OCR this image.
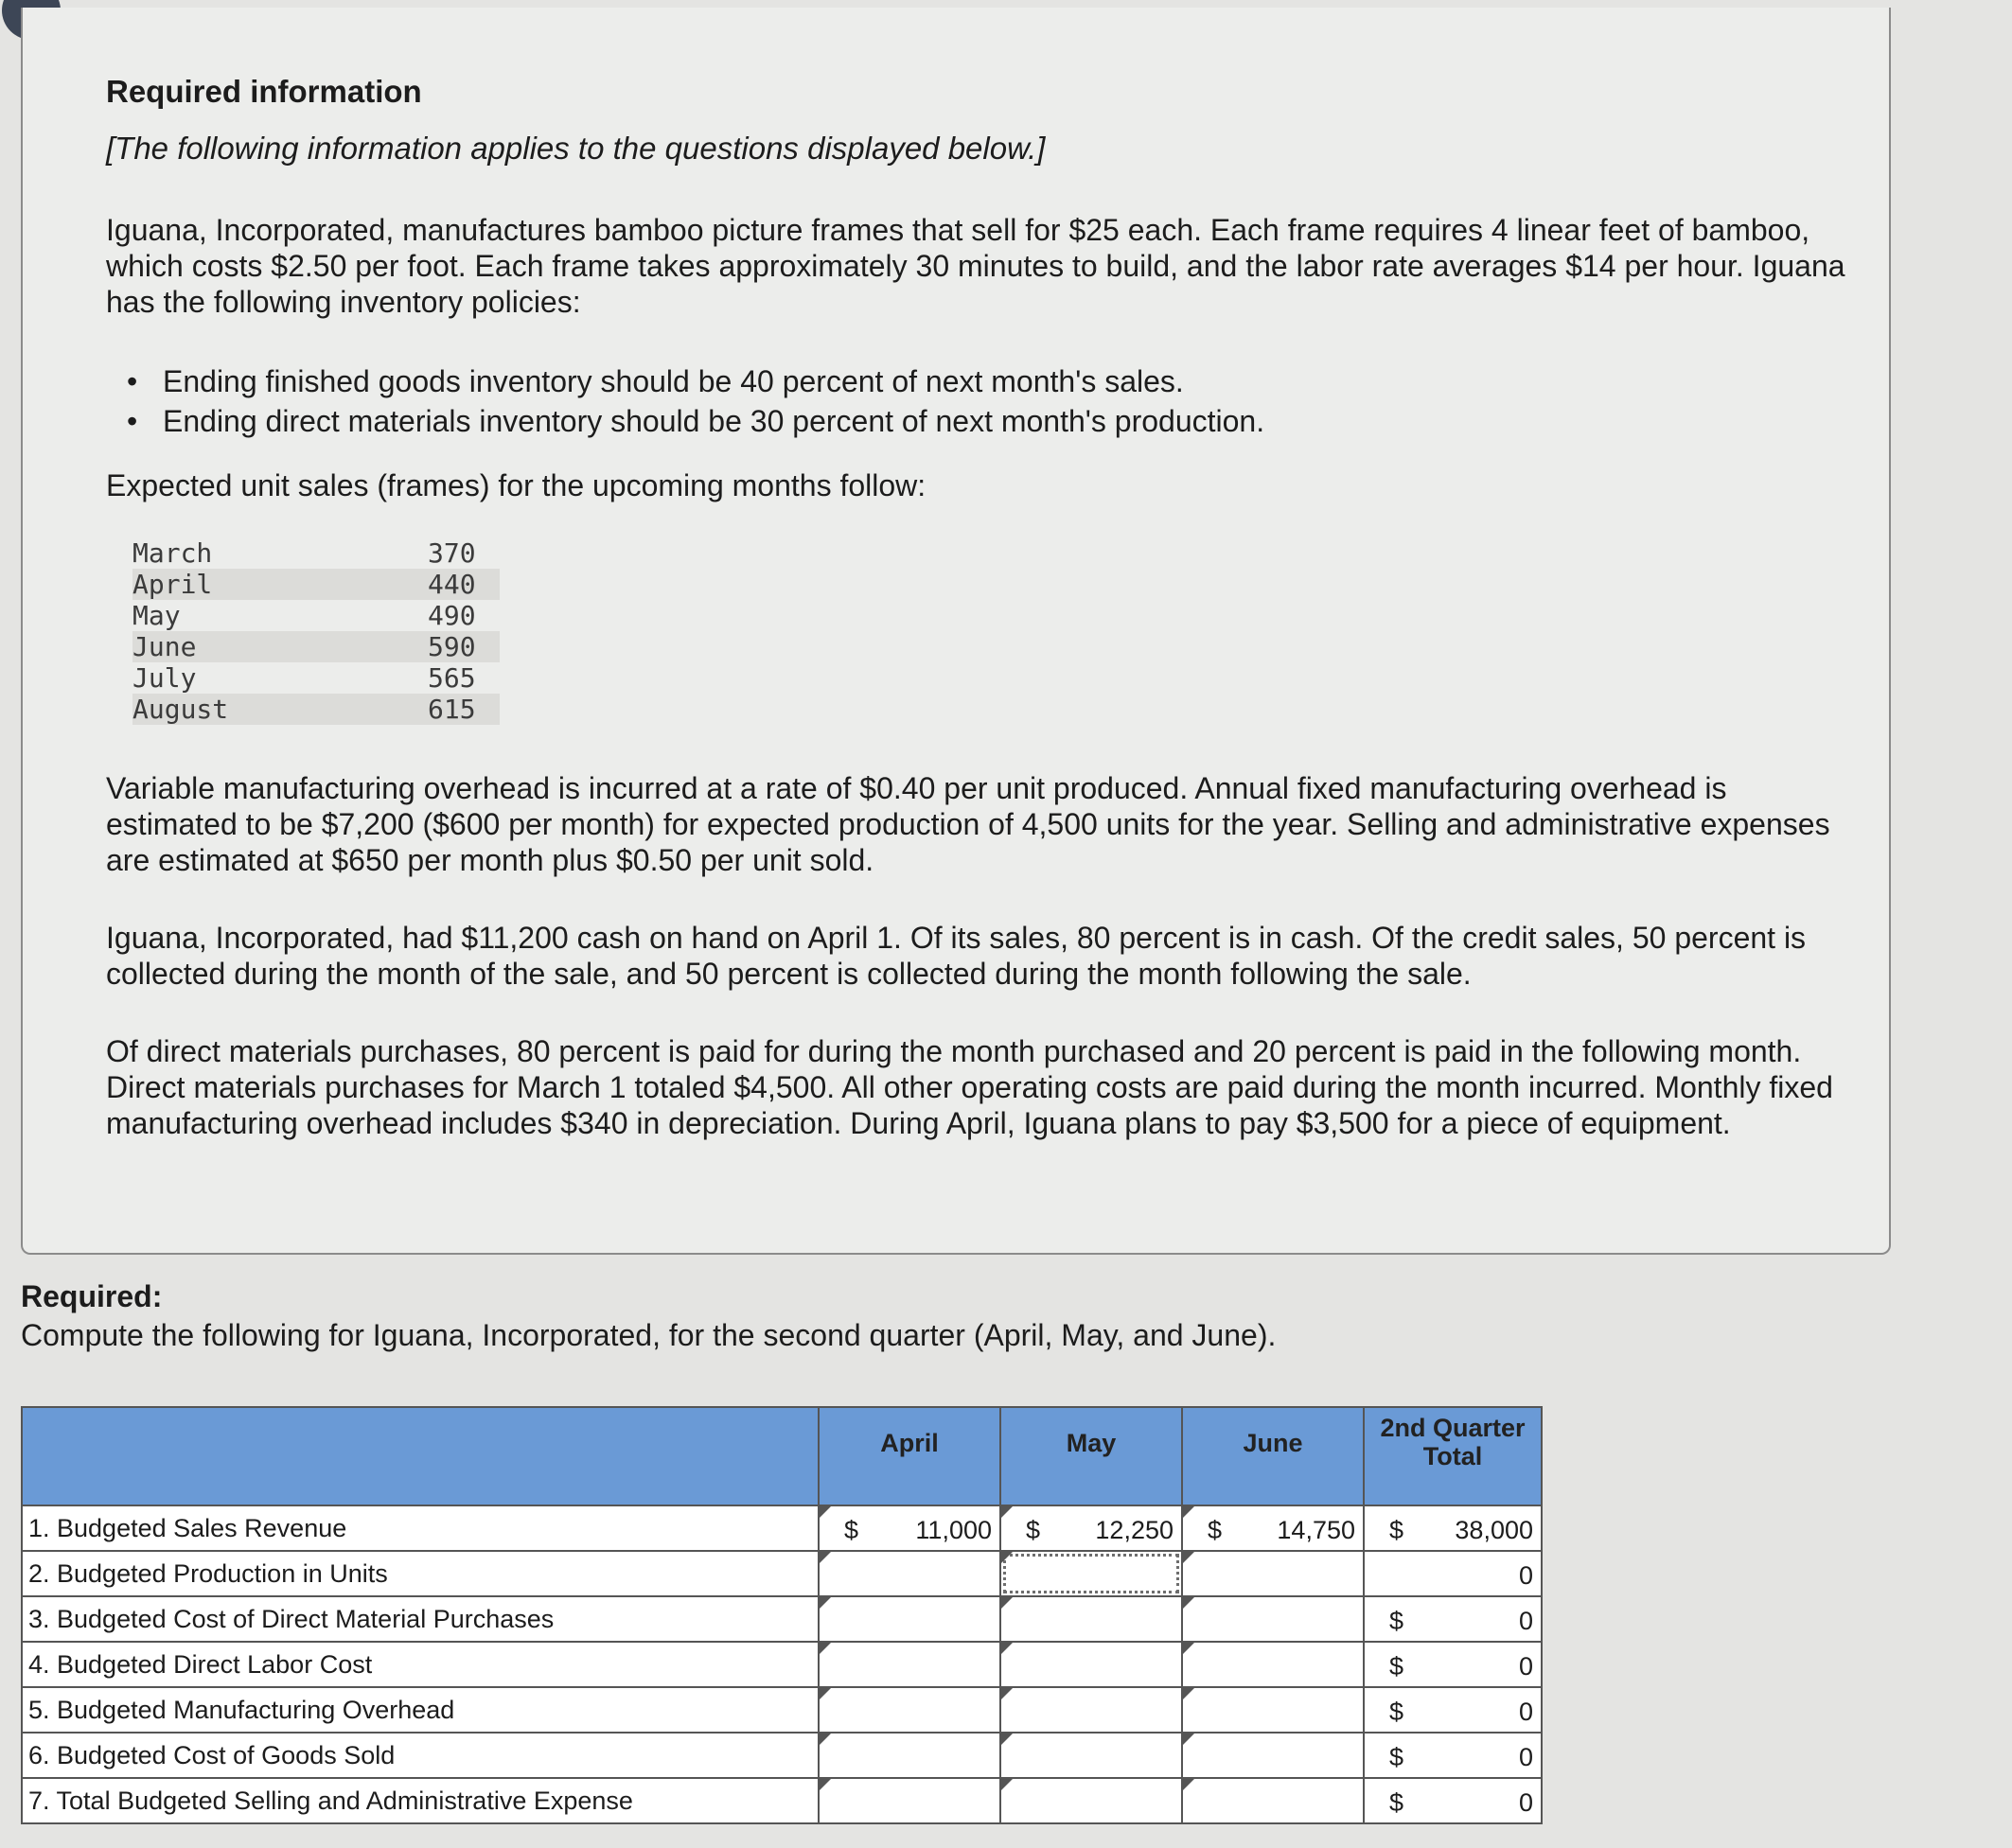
Required information
[The following information applies to the questions displayed below.]

Iguana, Incorporated, manufactures bamboo picture frames that sell for $25 each. Each frame requires 4 linear feet of bamboo, which costs $2.50 per foot. Each frame takes approximately 30 minutes to build, and the labor rate averages $14 per hour. Iguana has the following inventory policies:

• Ending finished goods inventory should be 40 percent of next month's sales.
• Ending direct materials inventory should be 30 percent of next month's production.

Expected unit sales (frames) for the upcoming months follow:

March	370
April	440
May	490
June	590
July	565
August	615

Variable manufacturing overhead is incurred at a rate of $0.40 per unit produced. Annual fixed manufacturing overhead is estimated to be $7,200 ($600 per month) for expected production of 4,500 units for the year. Selling and administrative expenses are estimated at $650 per month plus $0.50 per unit sold.

Iguana, Incorporated, had $11,200 cash on hand on April 1. Of its sales, 80 percent is in cash. Of the credit sales, 50 percent is collected during the month of the sale, and 50 percent is collected during the month following the sale.

Of direct materials purchases, 80 percent is paid for during the month purchased and 20 percent is paid in the following month. Direct materials purchases for March 1 totaled $4,500. All other operating costs are paid during the month incurred. Monthly fixed manufacturing overhead includes $340 in depreciation. During April, Iguana plans to pay $3,500 for a piece of equipment.

Required:
Compute the following for Iguana, Incorporated, for the second quarter (April, May, and June).
	April	May	June	2nd Quarter
Total

1. Budgeted Sales Revenue	$ 11,000	$ 12,250	$ 14,750	$ 38,000

2. Budgeted Production in Units				0

3. Budgeted Cost of Direct Material Purchases				$ 0

4. Budgeted Direct Labor Cost				$ 0

5. Budgeted Manufacturing Overhead				$ 0

6. Budgeted Cost of Goods Sold				$ 0

7. Total Budgeted Selling and Administrative Expense				$ 0
